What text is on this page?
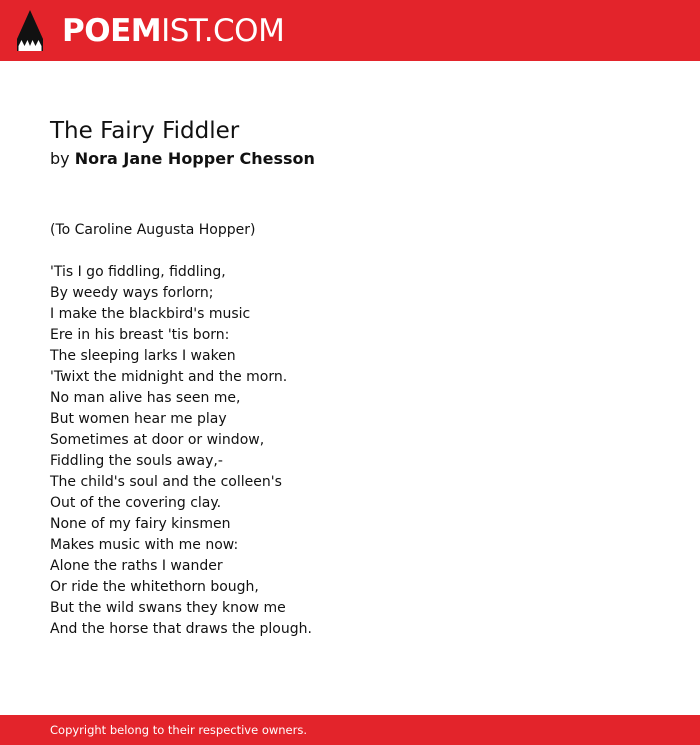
POEMIST.COM
The Fairy Fiddler
by Nora Jane Hopper Chesson
(To Caroline Augusta Hopper)
'Tis I go fiddling, fiddling,
By weedy ways forlorn;
I make the blackbird's music
Ere in his breast 'tis born:
The sleeping larks I waken
'Twixt the midnight and the morn.
No man alive has seen me,
But women hear me play
Sometimes at door or window,
Fiddling the souls away,-
The child's soul and the colleen's
Out of the covering clay.
None of my fairy kinsmen
Makes music with me now:
Alone the raths I wander
Or ride the whitethorn bough,
But the wild swans they know me
And the horse that draws the plough.
Copyright belong to their respective owners.
